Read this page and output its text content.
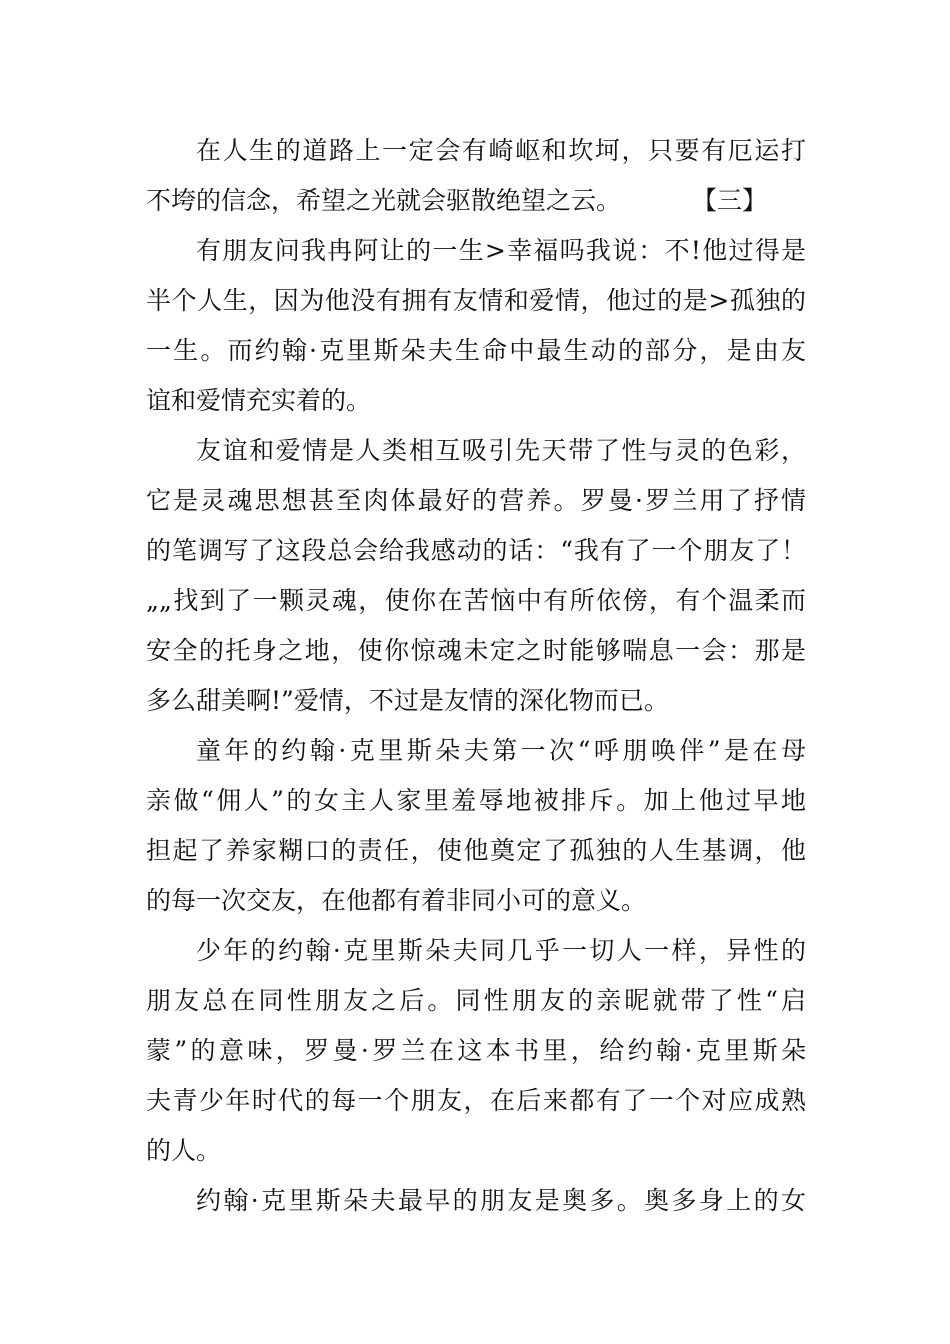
在人生的道路上一定会有崎岖和坎坷，只要有厄运打
不垮的信念，希望之光就会驱散绝望之云。	【三】
有朋友问我冉阿让的一生>幸福吗我说：不!他过得是
半个人生，因为他没有拥有友情和爱情，他过的是>孤独的
一生。而约翰·克里斯朵夫生命中最生动的部分，是由友
谊和爱情充实着的。
友谊和爱情是人类相互吸引先天带了性与灵的色彩，
它是灵魂思想甚至肉体最好的营养。罗曼·罗兰用了抒情
的笔调写了这段总会给我感动的话：“我有了一个朋友了！
„„找到了一颗灵魂，使你在苦恼中有所依傍，有个温柔而
安全的托身之地，使你惊魂未定之时能够喘息一会：那是
多么甜美啊!”爱情，不过是友情的深化物而已。
童年的约翰·克里斯朵夫第一次“呼朋唤伴”是在母
亲做“佣人”的女主人家里羞辱地被排斥。加上他过早地
担起了养家糊口的责任，使他奠定了孤独的人生基调，他
的每一次交友，在他都有着非同小可的意义。
少年的约翰·克里斯朵夫同几乎一切人一样，异性的
朋友总在同性朋友之后。同性朋友的亲昵就带了性“启
蒙”的意味，罗曼·罗兰在这本书里，给约翰·克里斯朵
夫青少年时代的每一个朋友，在后来都有了一个对应成熟
的人。
约翰·克里斯朵夫最早的朋友是奥多。奥多身上的女
